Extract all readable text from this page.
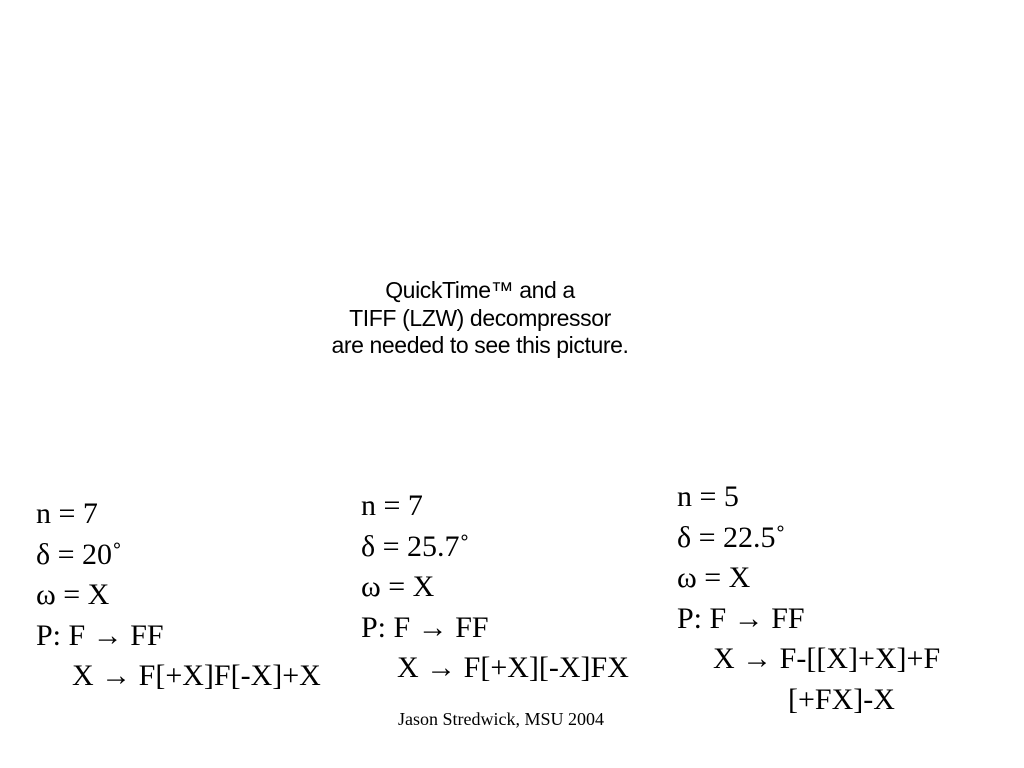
QuickTime™ and a
TIFF (LZW) decompressor
are needed to see this picture.
n = 7
δ = 20˚
ω = X
P: F → FF
X → F[+X]F[-X]+X
n = 7
δ = 25.7˚
ω = X
P: F → FF
X → F[+X][-X]FX
n = 5
δ = 22.5˚
ω = X
P: F → FF
X → F-[[X]+X]+F
[+FX]-X
Jason Stredwick, MSU 2004
